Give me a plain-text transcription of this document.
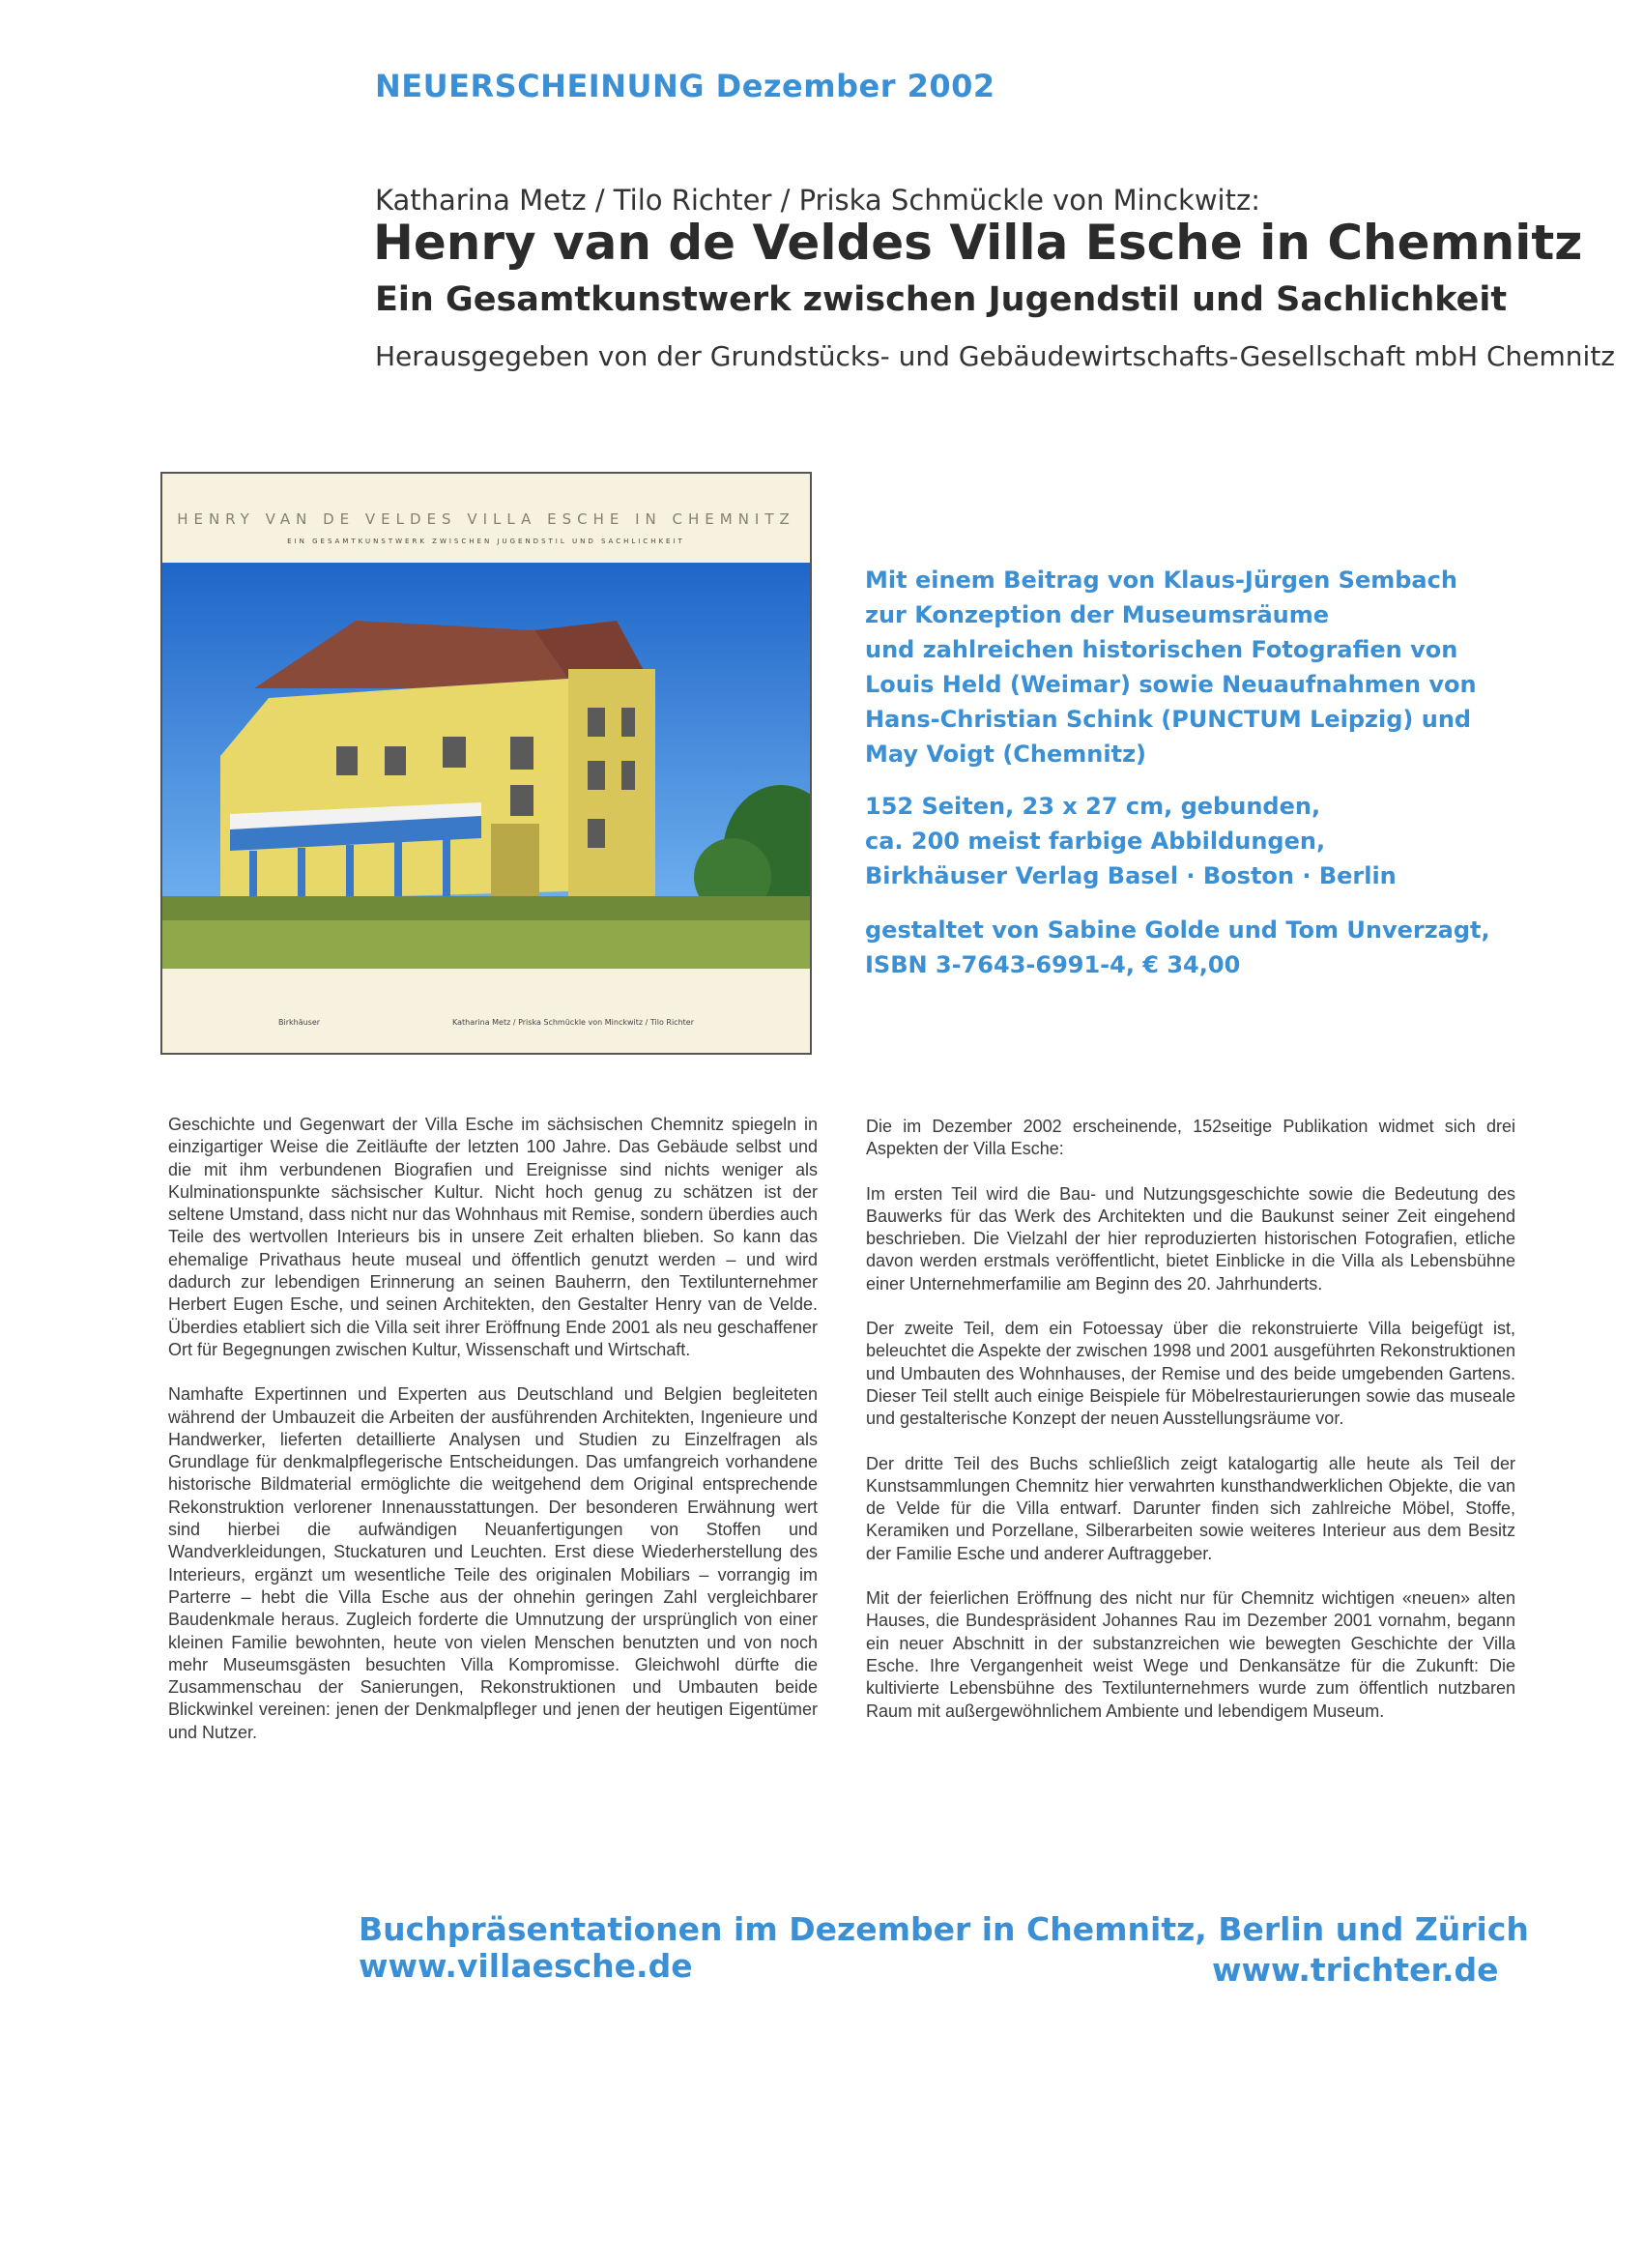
NEUERSCHEINUNG Dezember 2002
Katharina Metz / Tilo Richter / Priska Schmückle von Minckwitz:
Henry van de Veldes Villa Esche in Chemnitz
Ein Gesamtkunstwerk zwischen Jugendstil und Sachlichkeit
Herausgegeben von der Grundstücks- und Gebäudewirtschafts-Gesellschaft mbH Chemnitz
HENRY VAN DE VELDES VILLA ESCHE IN CHEMNITZ
EIN GESAMTKUNSTWERK ZWISCHEN JUGENDSTIL UND SACHLICHKEIT
Birkhäuser	Katharina Metz / Priska Schmückle von Minckwitz / Tilo Richter
Mit einem Beitrag von Klaus-Jürgen Sembach
zur Konzeption der Museumsräume
und zahlreichen historischen Fotografien von
Louis Held (Weimar) sowie Neuaufnahmen von
Hans-Christian Schink (PUNCTUM Leipzig) und
May Voigt (Chemnitz)
152 Seiten, 23 x 27 cm, gebunden,
ca. 200 meist farbige Abbildungen,
Birkhäuser Verlag Basel · Boston · Berlin
gestaltet von Sabine Golde und Tom Unverzagt,
ISBN 3-7643-6991-4, € 34,00

Geschichte und Gegenwart der Villa Esche im sächsischen Chemnitz spiegeln in einzigartiger Weise die Zeitläufte der letzten 100 Jahre. Das Gebäude selbst und die mit ihm verbundenen Biografien und Ereignisse sind nichts weniger als Kulminationspunkte sächsischer Kultur. Nicht hoch genug zu schätzen ist der seltene Umstand, dass nicht nur das Wohnhaus mit Remise, sondern überdies auch Teile des wertvollen Interieurs bis in unsere Zeit erhalten blieben. So kann das ehemalige Privathaus heute museal und öffentlich genutzt werden – und wird dadurch zur lebendigen Erinnerung an seinen Bauherrn, den Textilunternehmer Herbert Eugen Esche, und seinen Architekten, den Gestalter Henry van de Velde. Überdies etabliert sich die Villa seit ihrer Eröffnung Ende 2001 als neu geschaffener Ort für Begegnungen zwischen Kultur, Wissenschaft und Wirtschaft.

Namhafte Expertinnen und Experten aus Deutschland und Belgien begleiteten während der Umbauzeit die Arbeiten der ausführenden Architekten, Ingenieure und Handwerker, lieferten detaillierte Analysen und Studien zu Einzelfragen als Grundlage für denkmalpflegerische Entscheidungen. Das umfangreich vorhandene historische Bildmaterial ermöglichte die weitgehend dem Original entsprechende Rekonstruktion verlorener Innenausstattungen. Der besonderen Erwähnung wert sind hierbei die aufwändigen Neuanfertigungen von Stoffen und Wandverkleidungen, Stuckaturen und Leuchten. Erst diese Wiederherstellung des Interieurs, ergänzt um wesentliche Teile des originalen Mobiliars – vorrangig im Parterre – hebt die Villa Esche aus der ohnehin geringen Zahl vergleichbarer Baudenkmale heraus. Zugleich forderte die Umnutzung der ursprünglich von einer kleinen Familie bewohnten, heute von vielen Menschen benutzten und von noch mehr Museumsgästen besuchten Villa Kompromisse. Gleichwohl dürfte die Zusammenschau der Sanierungen, Rekonstruktionen und Umbauten beide Blickwinkel vereinen: jenen der Denkmalpfleger und jenen der heutigen Eigentümer und Nutzer.

Die im Dezember 2002 erscheinende, 152seitige Publikation widmet sich drei Aspekten der Villa Esche:

Im ersten Teil wird die Bau- und Nutzungsgeschichte sowie die Bedeutung des Bauwerks für das Werk des Architekten und die Baukunst seiner Zeit eingehend beschrieben. Die Vielzahl der hier reproduzierten historischen Fotografien, etliche davon werden erstmals veröffentlicht, bietet Einblicke in die Villa als Lebensbühne einer Unternehmerfamilie am Beginn des 20. Jahrhunderts.

Der zweite Teil, dem ein Fotoessay über die rekonstruierte Villa beigefügt ist, beleuchtet die Aspekte der zwischen 1998 und 2001 ausgeführten Rekonstruktionen und Umbauten des Wohnhauses, der Remise und des beide umgebenden Gartens. Dieser Teil stellt auch einige Beispiele für Möbelrestaurierungen sowie das museale und gestalterische Konzept der neuen Ausstellungsräume vor.

Der dritte Teil des Buchs schließlich zeigt katalogartig alle heute als Teil der Kunstsammlungen Chemnitz hier verwahrten kunsthandwerklichen Objekte, die van de Velde für die Villa entwarf. Darunter finden sich zahlreiche Möbel, Stoffe, Keramiken und Porzellane, Silberarbeiten sowie weiteres Interieur aus dem Besitz der Familie Esche und anderer Auftraggeber.

Mit der feierlichen Eröffnung des nicht nur für Chemnitz wichtigen «neuen» alten Hauses, die Bundespräsident Johannes Rau im Dezember 2001 vornahm, begann ein neuer Abschnitt in der substanzreichen wie bewegten Geschichte der Villa Esche. Ihre Vergangenheit weist Wege und Denkansätze für die Zukunft: Die kultivierte Lebensbühne des Textilunternehmers wurde zum öffentlich nutzbaren Raum mit außergewöhnlichem Ambiente und lebendigem Museum.

Buchpräsentationen im Dezember in Chemnitz, Berlin und Zürich
www.villaesche.de	www.trichter.de
